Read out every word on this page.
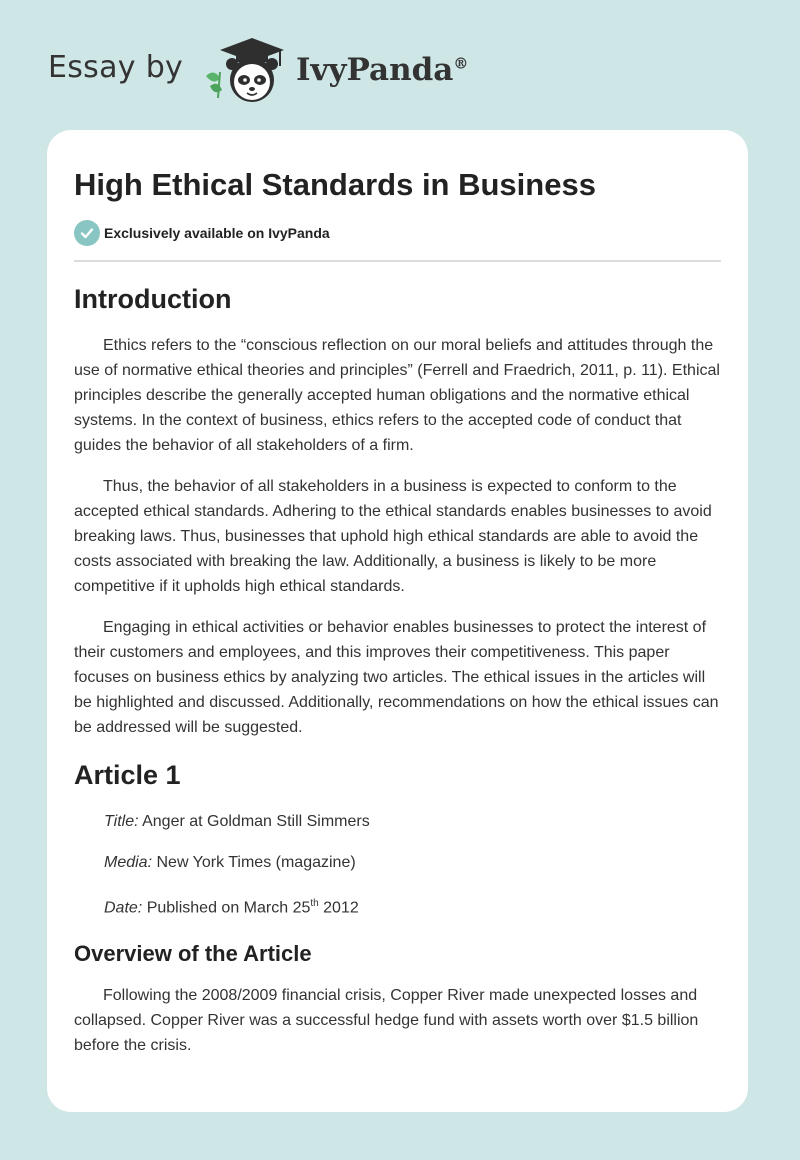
Essay by	IvyPanda®
High Ethical Standards in Business
Exclusively available on IvyPanda
Introduction

Ethics refers to the “conscious reflection on our moral beliefs and attitudes through the use of normative ethical theories and principles” (Ferrell and Fraedrich, 2011, p. 11). Ethical principles describe the generally accepted human obligations and the normative ethical systems. In the context of business, ethics refers to the accepted code of conduct that guides the behavior of all stakeholders of a firm.

Thus, the behavior of all stakeholders in a business is expected to conform to the accepted ethical standards. Adhering to the ethical standards enables businesses to avoid breaking laws. Thus, businesses that uphold high ethical standards are able to avoid the costs associated with breaking the law. Additionally, a business is likely to be more competitive if it upholds high ethical standards.

Engaging in ethical activities or behavior enables businesses to protect the interest of their customers and employees, and this improves their competitiveness. This paper focuses on business ethics by analyzing two articles. The ethical issues in the articles will be highlighted and discussed. Additionally, recommendations on how the ethical issues can be addressed will be suggested.

Article 1

Title: Anger at Goldman Still Simmers

Media: New York Times (magazine)

Date: Published on March 25th 2012

Overview of the Article

Following the 2008/2009 financial crisis, Copper River made unexpected losses and collapsed. Copper River was a successful hedge fund with assets worth over $1.5 billion before the crisis.
